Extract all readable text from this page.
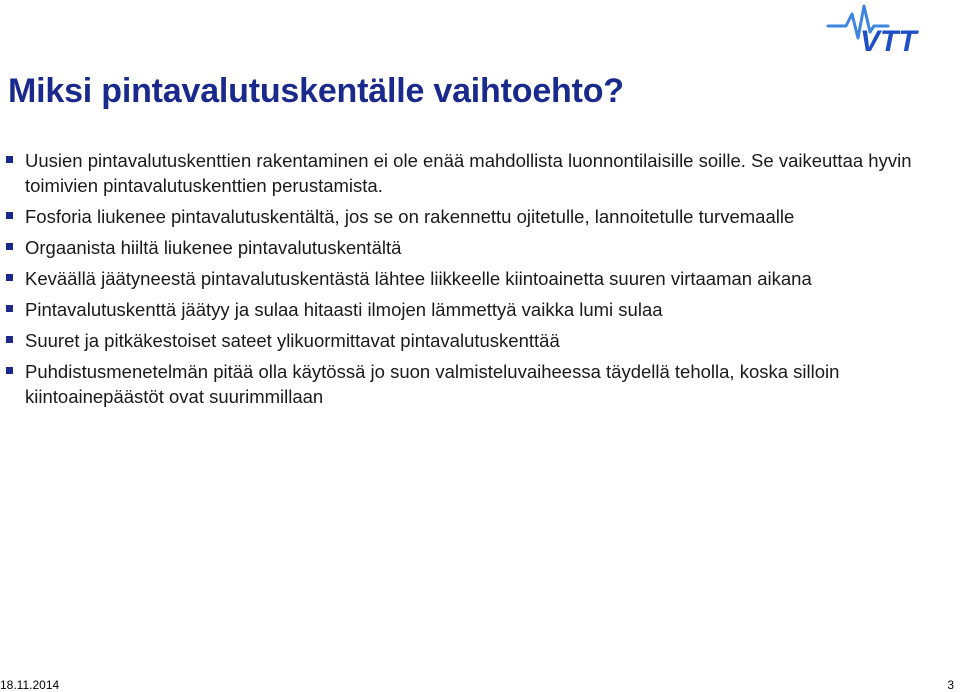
VTT
Miksi pintavalutuskentälle vaihtoehto?
Uusien pintavalutuskenttien rakentaminen ei ole enää mahdollista luonnontilaisille soille. Se vaikeuttaa hyvin toimivien pintavalutuskenttien perustamista.
Fosforia liukenee pintavalutuskentältä, jos se on rakennettu ojitetulle, lannoitetulle turvemaalle
Orgaanista hiiltä liukenee pintavalutuskentältä
Keväällä jäätyneestä pintavalutuskentästä lähtee liikkeelle kiintoainetta suuren virtaaman aikana
Pintavalutuskenttä jäätyy ja sulaa hitaasti ilmojen lämmettyä vaikka lumi sulaa
Suuret ja pitkäkestoiset sateet ylikuormittavat pintavalutuskenttää
Puhdistusmenetelmän pitää olla käytössä jo suon valmisteluvaiheessa täydellä teholla, koska silloin kiintoainepäästöt ovat suurimmillaan
18.11.2014	3
